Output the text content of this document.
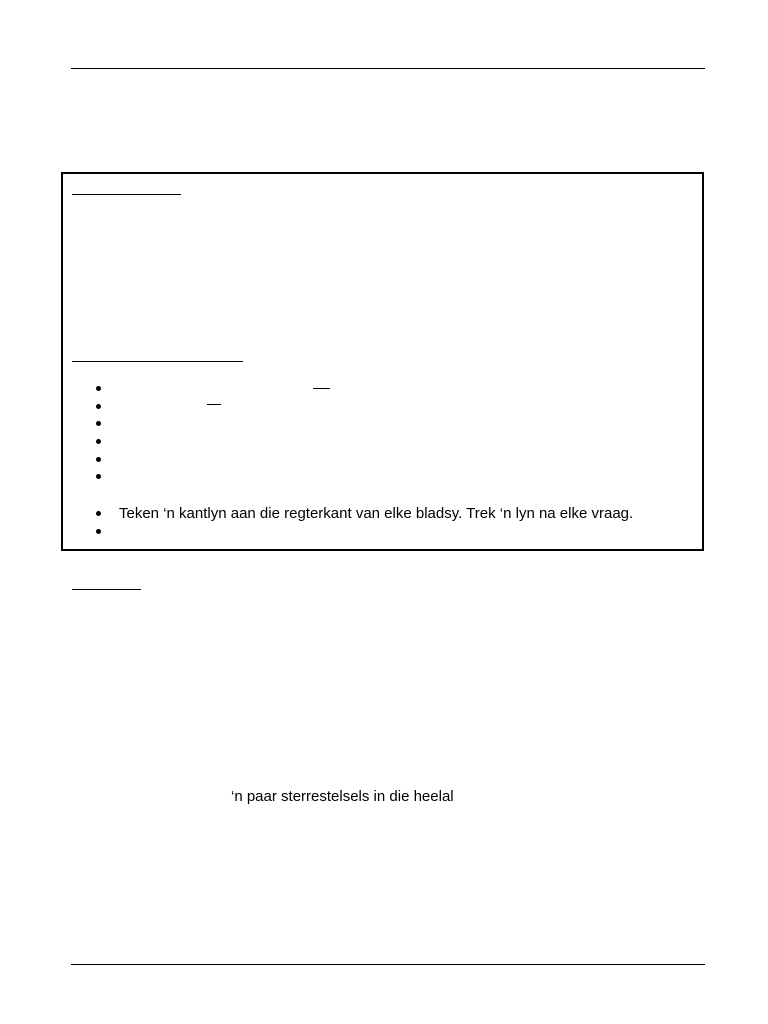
Teken ‘n kantlyn aan die regterkant van elke bladsy. Trek ‘n lyn na elke vraag.
‘n paar sterrestelsels in die heelal
